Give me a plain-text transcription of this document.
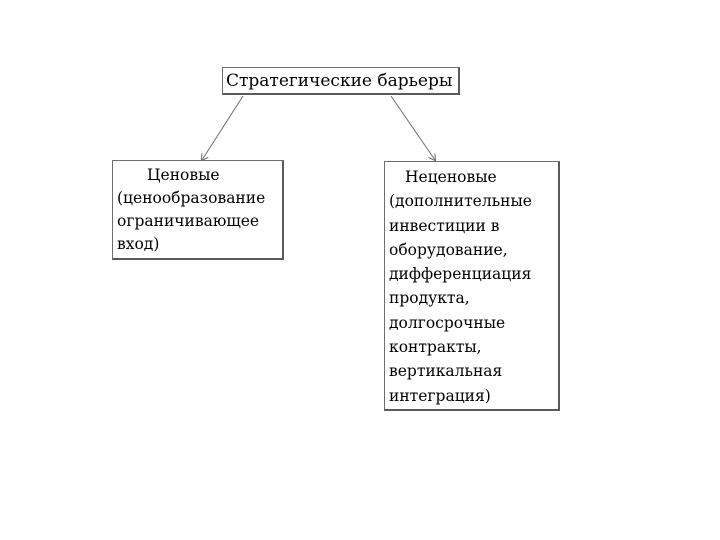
Стратегические барьеры
Ценовые
(ценообразование
ограничивающее
вход)
Неценовые
(дополнительные
инвестиции в
оборудование,
дифференциация
продукта,
долгосрочные
контракты,
вертикальная
интеграция)
